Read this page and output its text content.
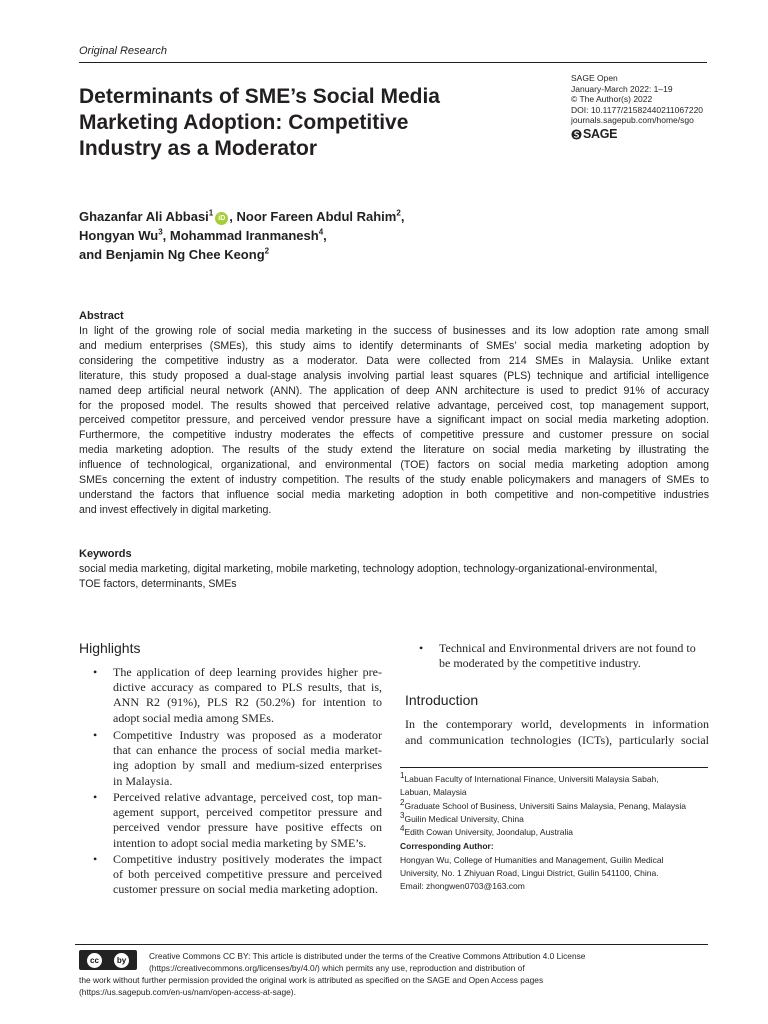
Original Research
Determinants of SME’s Social Media
Marketing Adoption: Competitive
Industry as a Moderator
SAGE Open
January-March 2022: 1–19
© The Author(s) 2022
DOI: 10.1177/21582440211067220
journals.sagepub.com/home/sgo
SAGE
Ghazanfar Ali Abbasi$^1$iD , Noor Fareen Abdul Rahim$^2$,
Hongyan Wu$^3$, Mohammad Iranmanesh$^4$,
and Benjamin Ng Chee Keong$^2$
Abstract
In light of the growing role of social media marketing in the success of businesses and its low adoption rate among small
and medium enterprises (SMEs), this study aims to identify determinants of SMEs’ social media marketing adoption by
considering the competitive industry as a moderator. Data were collected from 214 SMEs in Malaysia. Unlike extant
literature, this study proposed a dual-stage analysis involving partial least squares (PLS) technique and artificial intelligence
named deep artificial neural network (ANN). The application of deep ANN architecture is used to predict 91% of accuracy
for the proposed model. The results showed that perceived relative advantage, perceived cost, top management support,
perceived competitor pressure, and perceived vendor pressure have a significant impact on social media marketing adoption.
Furthermore, the competitive industry moderates the effects of competitive pressure and customer pressure on social
media marketing adoption. The results of the study extend the literature on social media marketing by illustrating the
influence of technological, organizational, and environmental (TOE) factors on social media marketing adoption among
SMEs concerning the extent of industry competition. The results of the study enable policymakers and managers of SMEs to
understand the factors that influence social media marketing adoption in both competitive and non-competitive industries
and invest effectively in digital marketing.
Keywords
social media marketing, digital marketing, mobile marketing, technology adoption, technology-organizational-environmental,
TOE factors, determinants, SMEs
Highlights
• The application of deep learning provides higher pre-
dictive accuracy as compared to PLS results, that is,
ANN R2 (91%), PLS R2 (50.2%) for intention to
adopt social media among SMEs.
• Competitive Industry was proposed as a moderator
that can enhance the process of social media market-
ing adoption by small and medium-sized enterprises
in Malaysia.
• Perceived relative advantage, perceived cost, top man-
agement support, perceived competitor pressure and
perceived vendor pressure have positive effects on
intention to adopt social media marketing by SME’s.
• Competitive industry positively moderates the impact
of both perceived competitive pressure and perceived
customer pressure on social media marketing adoption.
• Technical and Environmental drivers are not found to
be moderated by the competitive industry.
Introduction
In the contemporary world, developments in information
and communication technologies (ICTs), particularly social
$^1$Labuan Faculty of International Finance, Universiti Malaysia Sabah,
Labuan, Malaysia
$^2$Graduate School of Business, Universiti Sains Malaysia, Penang, Malaysia
$^3$Guilin Medical University, China
$^4$Edith Cowan University, Joondalup, Australia
Corresponding Author:
Hongyan Wu, College of Humanities and Management, Guilin Medical
University, No. 1 Zhiyuan Road, Lingui District, Guilin 541100, China.
Email: zhongwen0703@163.com
cc	by	Creative Commons CC BY: This article is distributed under the terms of the Creative Commons Attribution 4.0 License
(https://creativecommons.org/licenses/by/4.0/) which permits any use, reproduction and distribution of
the work without further permission provided the original work is attributed as specified on the SAGE and Open Access pages
(https://us.sagepub.com/en-us/nam/open-access-at-sage).
